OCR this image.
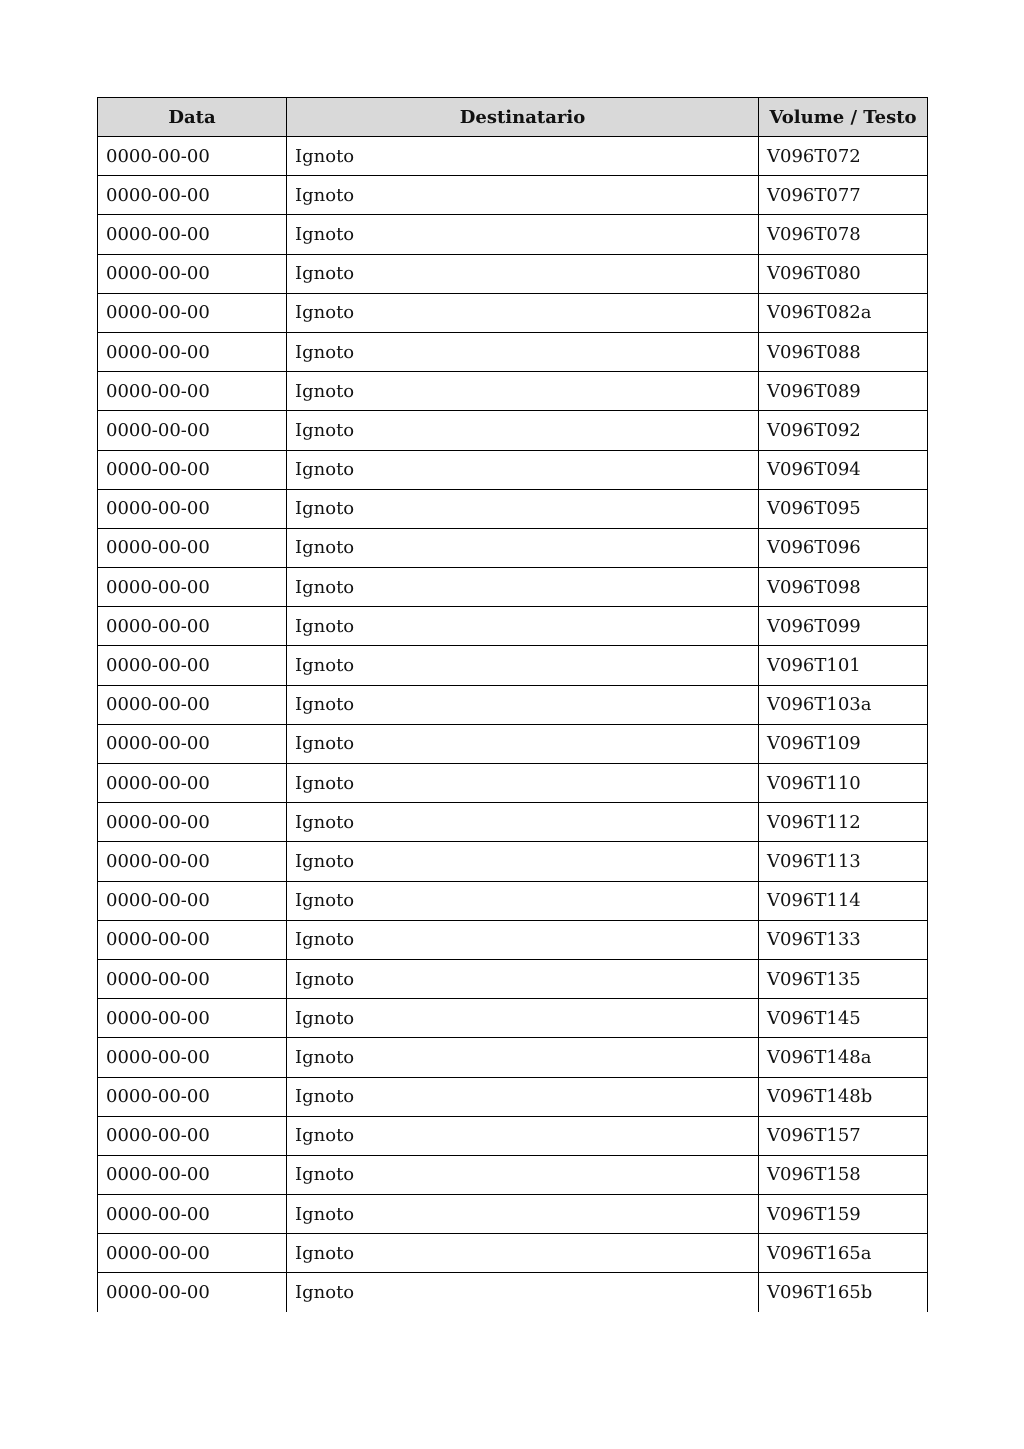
Data	Destinatario	Volume / Testo
0000-00-00	Ignoto	V096T072
0000-00-00	Ignoto	V096T077
0000-00-00	Ignoto	V096T078
0000-00-00	Ignoto	V096T080
0000-00-00	Ignoto	V096T082a
0000-00-00	Ignoto	V096T088
0000-00-00	Ignoto	V096T089
0000-00-00	Ignoto	V096T092
0000-00-00	Ignoto	V096T094
0000-00-00	Ignoto	V096T095
0000-00-00	Ignoto	V096T096
0000-00-00	Ignoto	V096T098
0000-00-00	Ignoto	V096T099
0000-00-00	Ignoto	V096T101
0000-00-00	Ignoto	V096T103a
0000-00-00	Ignoto	V096T109
0000-00-00	Ignoto	V096T110
0000-00-00	Ignoto	V096T112
0000-00-00	Ignoto	V096T113
0000-00-00	Ignoto	V096T114
0000-00-00	Ignoto	V096T133
0000-00-00	Ignoto	V096T135
0000-00-00	Ignoto	V096T145
0000-00-00	Ignoto	V096T148a
0000-00-00	Ignoto	V096T148b
0000-00-00	Ignoto	V096T157
0000-00-00	Ignoto	V096T158
0000-00-00	Ignoto	V096T159
0000-00-00	Ignoto	V096T165a
0000-00-00	Ignoto	V096T165b
